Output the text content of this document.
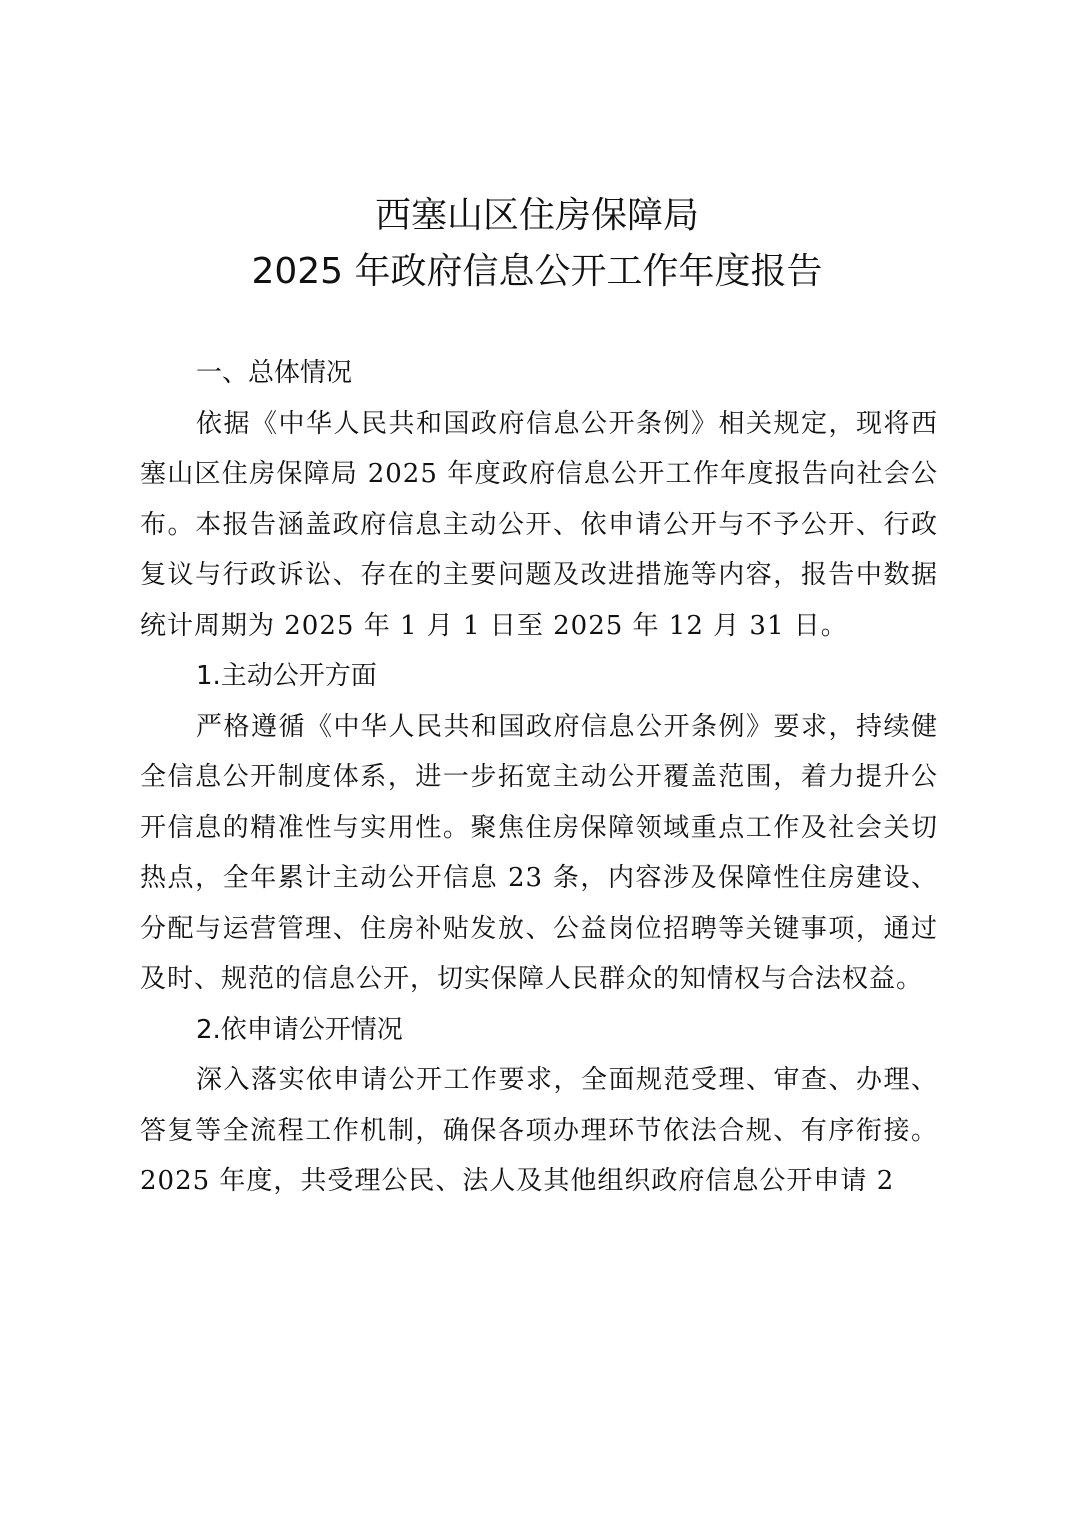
西塞山区住房保障局
2025 年政府信息公开工作年度报告

一、总体情况

依据《中华人民共和国政府信息公开条例》相关规定，现将西塞山区住房保障局 2025 年度政府信息公开工作年度报告向社会公布。本报告涵盖政府信息主动公开、依申请公开与不予公开、行政复议与行政诉讼、存在的主要问题及改进措施等内容，报告中数据统计周期为 2025 年 1 月 1 日至 2025 年 12 月 31 日。

1.主动公开方面

严格遵循《中华人民共和国政府信息公开条例》要求，持续健全信息公开制度体系，进一步拓宽主动公开覆盖范围，着力提升公开信息的精准性与实用性。聚焦住房保障领域重点工作及社会关切热点，全年累计主动公开信息 23 条，内容涉及保障性住房建设、分配与运营管理、住房补贴发放、公益岗位招聘等关键事项，通过及时、规范的信息公开，切实保障人民群众的知情权与合法权益。

2.依申请公开情况

深入落实依申请公开工作要求，全面规范受理、审查、办理、答复等全流程工作机制，确保各项办理环节依法合规、有序衔接。2025 年度，共受理公民、法人及其他组织政府信息公开申请 2
